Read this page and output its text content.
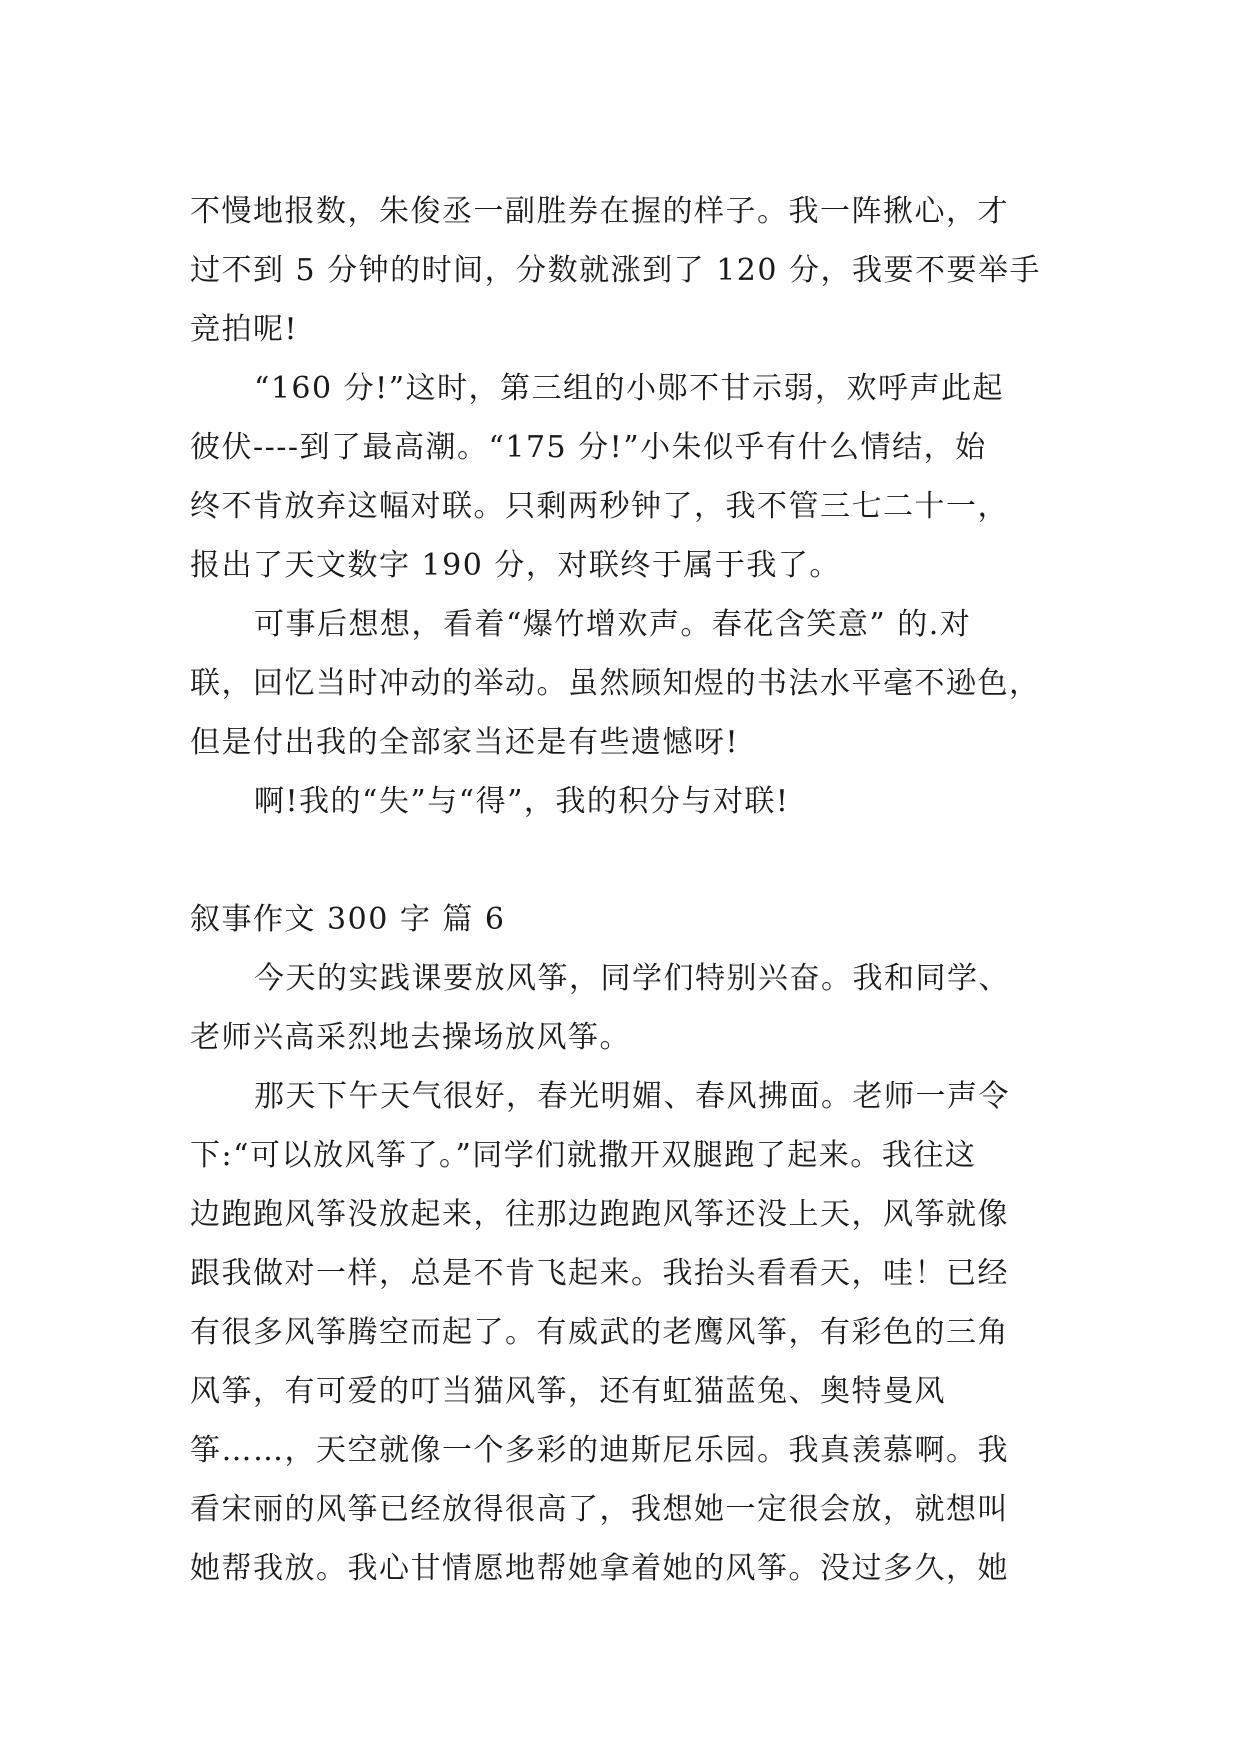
不慢地报数，朱俊丞一副胜券在握的样子。我一阵揪心，才
过不到 5 分钟的时间，分数就涨到了 120 分，我要不要举手
竞拍呢!
“160 分!”这时，第三组的小郧不甘示弱，欢呼声此起
彼伏----到了最高潮。“175 分!”小朱似乎有什么情结，始
终不肯放弃这幅对联。只剩两秒钟了，我不管三七二十一，
报出了天文数字 190 分，对联终于属于我了。
可事后想想，看着“爆竹增欢声。春花含笑意” 的.对
联，回忆当时冲动的举动。虽然顾知煜的书法水平毫不逊色，
但是付出我的全部家当还是有些遗憾呀!
啊!我的“失”与“得”，我的积分与对联!
叙事作文 300 字 篇 6
今天的实践课要放风筝，同学们特别兴奋。我和同学、
老师兴高采烈地去操场放风筝。
那天下午天气很好，春光明媚、春风拂面。老师一声令
下:“可以放风筝了。”同学们就撒开双腿跑了起来。我往这
边跑跑风筝没放起来，往那边跑跑风筝还没上天，风筝就像
跟我做对一样，总是不肯飞起来。我抬头看看天，哇！已经
有很多风筝腾空而起了。有威武的老鹰风筝，有彩色的三角
风筝，有可爱的叮当猫风筝，还有虹猫蓝兔、奥特曼风
筝……，天空就像一个多彩的迪斯尼乐园。我真羡慕啊。我
看宋丽的风筝已经放得很高了，我想她一定很会放，就想叫
她帮我放。我心甘情愿地帮她拿着她的风筝。没过多久，她
